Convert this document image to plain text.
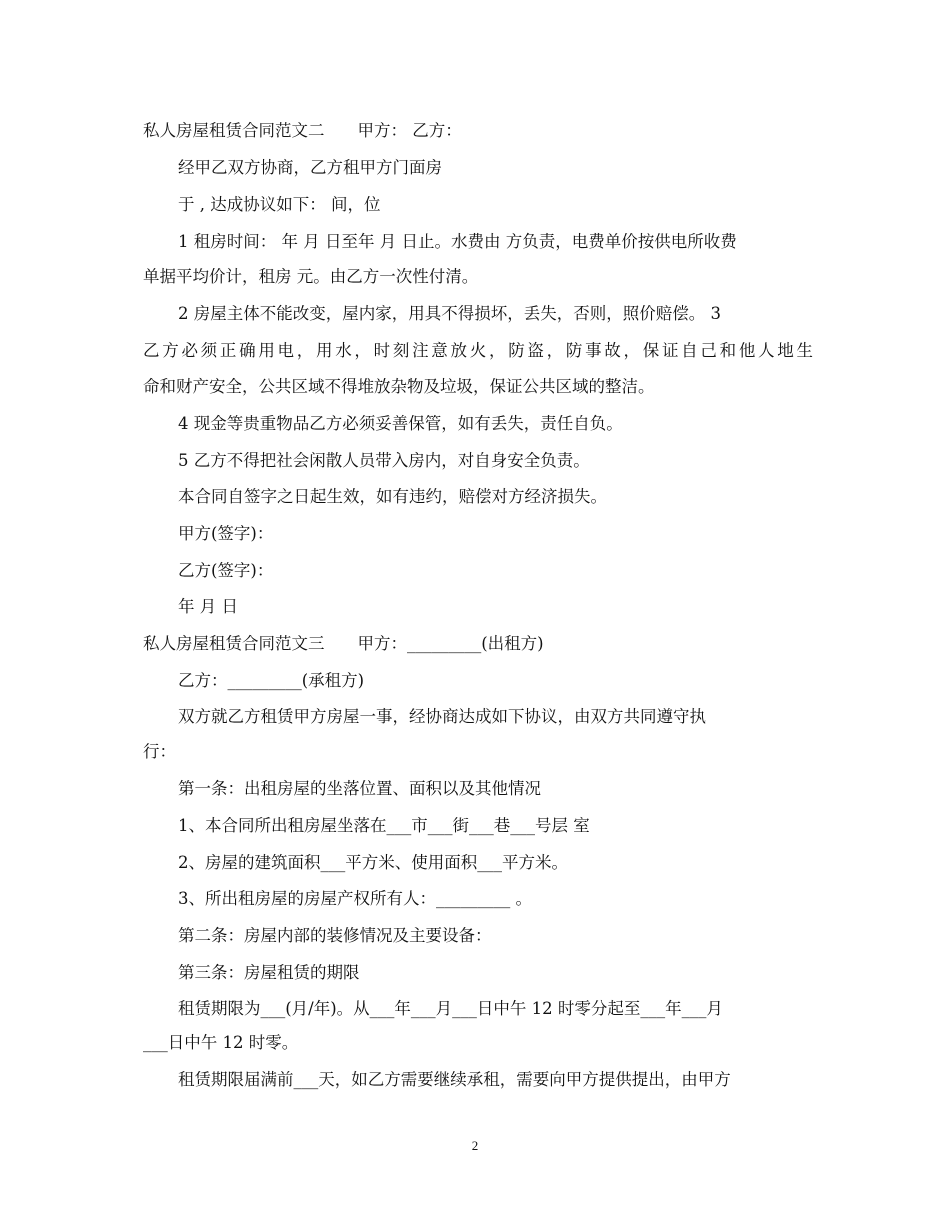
私人房屋租赁合同范文二　　甲方： 乙方：
经甲乙双方协商，乙方租甲方门面房
于 , 达成协议如下： 间，位
1 租房时间： 年 月 日至年 月 日止。水费由 方负责，电费单价按供电所收费
单据平均价计，租房 元。由乙方一次性付清。
2 房屋主体不能改变，屋内家，用具不得损坏，丢失，否则，照价赔偿。 3
乙方必须正确用电，用水，时刻注意放火，防盗，防事故，保证自己和他人地生
命和财产安全，公共区域不得堆放杂物及垃圾，保证公共区域的整洁。
4 现金等贵重物品乙方必须妥善保管，如有丢失，责任自负。
5 乙方不得把社会闲散人员带入房内，对自身安全负责。
本合同自签字之日起生效，如有违约，赔偿对方经济损失。
甲方(签字)：
乙方(签字)：
年 月 日
私人房屋租赁合同范文三　　甲方：_________(出租方)
乙方：_________(承租方)
双方就乙方租赁甲方房屋一事，经协商达成如下协议，由双方共同遵守执
行：
第一条：出租房屋的坐落位置、面积以及其他情况
1、本合同所出租房屋坐落在___市___街___巷___号层 室
2、房屋的建筑面积___平方米、使用面积___平方米。
3、所出租房屋的房屋产权所有人：_________ 。
第二条：房屋内部的装修情况及主要设备：
第三条：房屋租赁的期限
租赁期限为___(月/年)。从___年___月___日中午 12 时零分起至___年___月
___日中午 12 时零。
租赁期限届满前___天，如乙方需要继续承租，需要向甲方提供提出，由甲方
2
